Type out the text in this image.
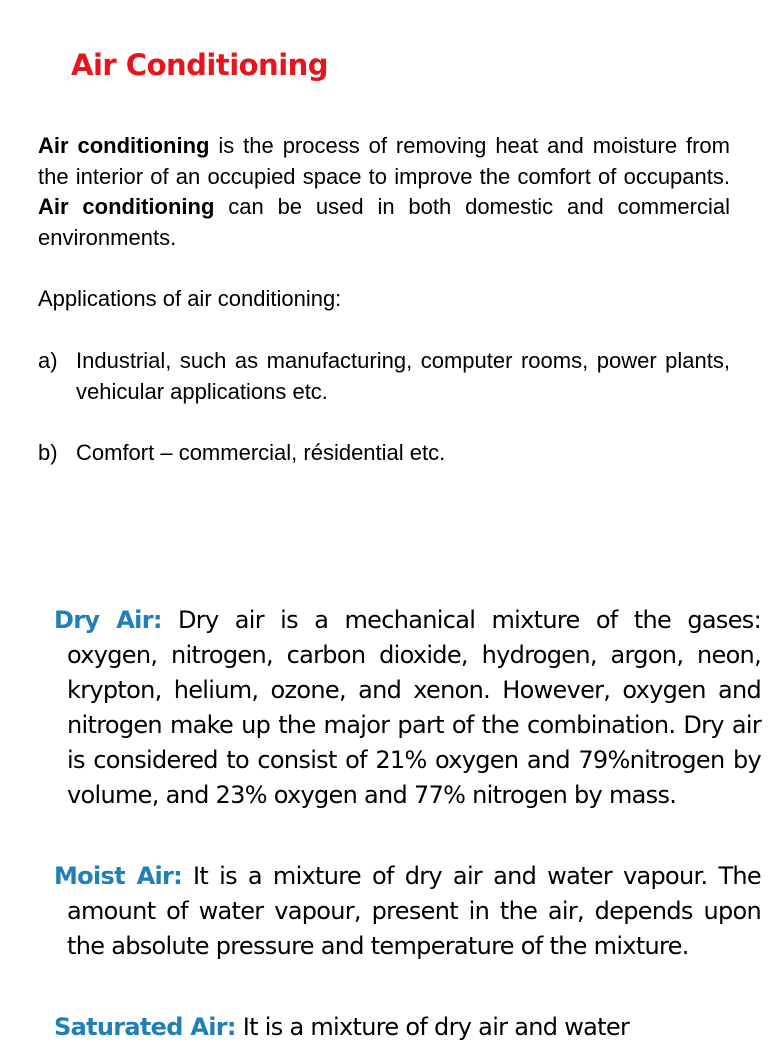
Air Conditioning

Air conditioning is the process of removing heat and moisture from the interior of an occupied space to improve the comfort of occupants. Air conditioning can be used in both domestic and commercial environments.

Applications of air conditioning:

a) Industrial, such as manufacturing, computer rooms, power plants, vehicular applications etc.
b) Comfort – commercial, résidential etc.

Dry Air: Dry air is a mechanical mixture of the gases: oxygen, nitrogen, carbon dioxide, hydrogen, argon, neon, krypton, helium, ozone, and xenon. However, oxygen and nitrogen make up the major part of the combination. Dry air is considered to consist of 21% oxygen and 79%nitrogen by volume, and 23% oxygen and 77% nitrogen by mass.

Moist Air: It is a mixture of dry air and water vapour. The amount of water vapour, present in the air, depends upon the absolute pressure and temperature of the mixture.

Saturated Air: It is a mixture of dry air and water
